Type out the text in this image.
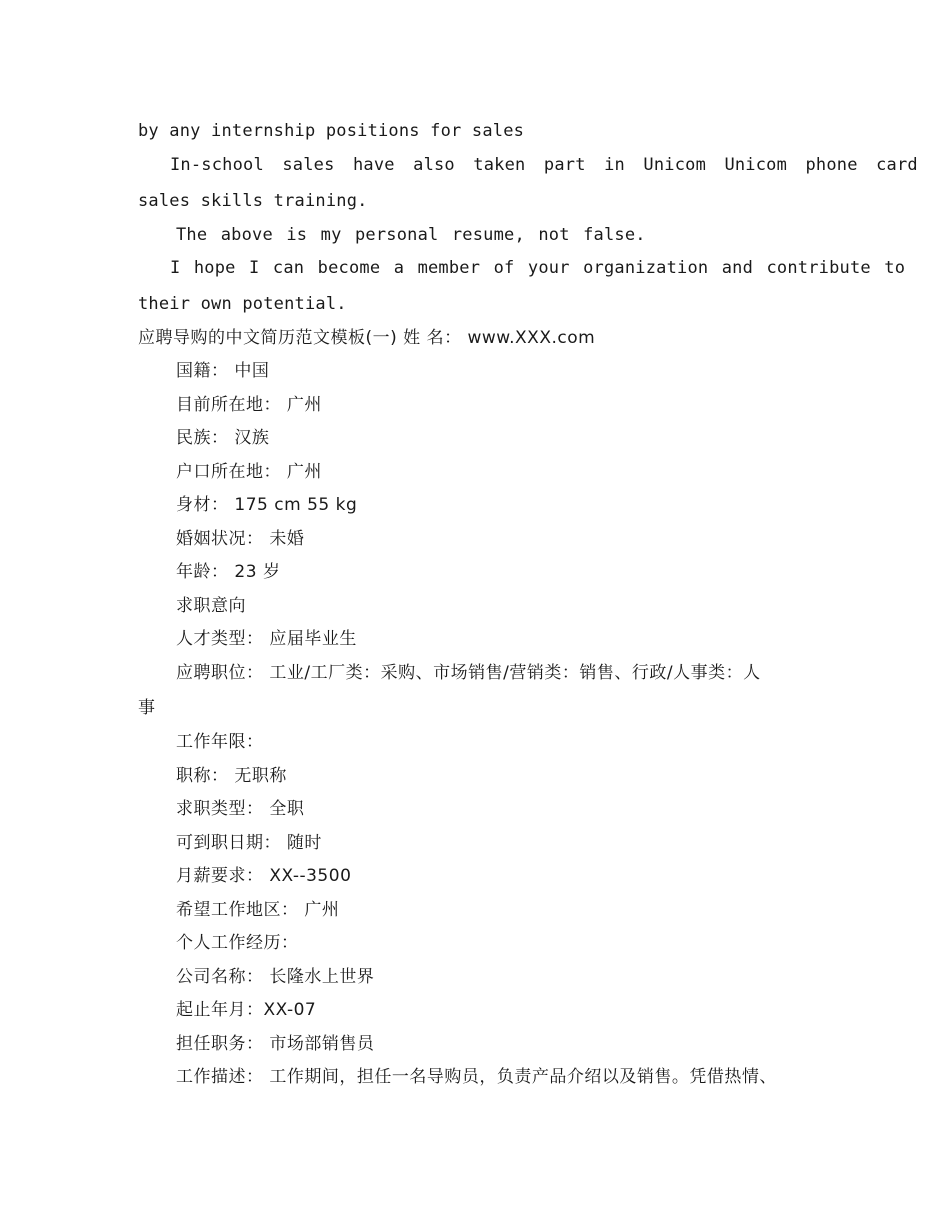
by any internship positions for sales
In-school sales have also taken part in Unicom Unicom phone card
sales skills training.
The above is my personal resume, not false.
I hope I can become a member of your organization and contribute to
their own potential.
应聘导购的中文简历范文模板(一) 姓 名： www.XXX.com
国籍： 中国
目前所在地： 广州
民族： 汉族
户口所在地： 广州
身材： 175 cm 55 kg
婚姻状况： 未婚
年龄： 23 岁
求职意向
人才类型： 应届毕业生
应聘职位： 工业/工厂类：采购、市场销售/营销类：销售、行政/人事类：人
事
工作年限：
职称： 无职称
求职类型： 全职
可到职日期： 随时
月薪要求： XX--3500
希望工作地区： 广州
个人工作经历：
公司名称： 长隆水上世界
起止年月：XX-07
担任职务： 市场部销售员
工作描述： 工作期间，担任一名导购员，负责产品介绍以及销售。凭借热情、
